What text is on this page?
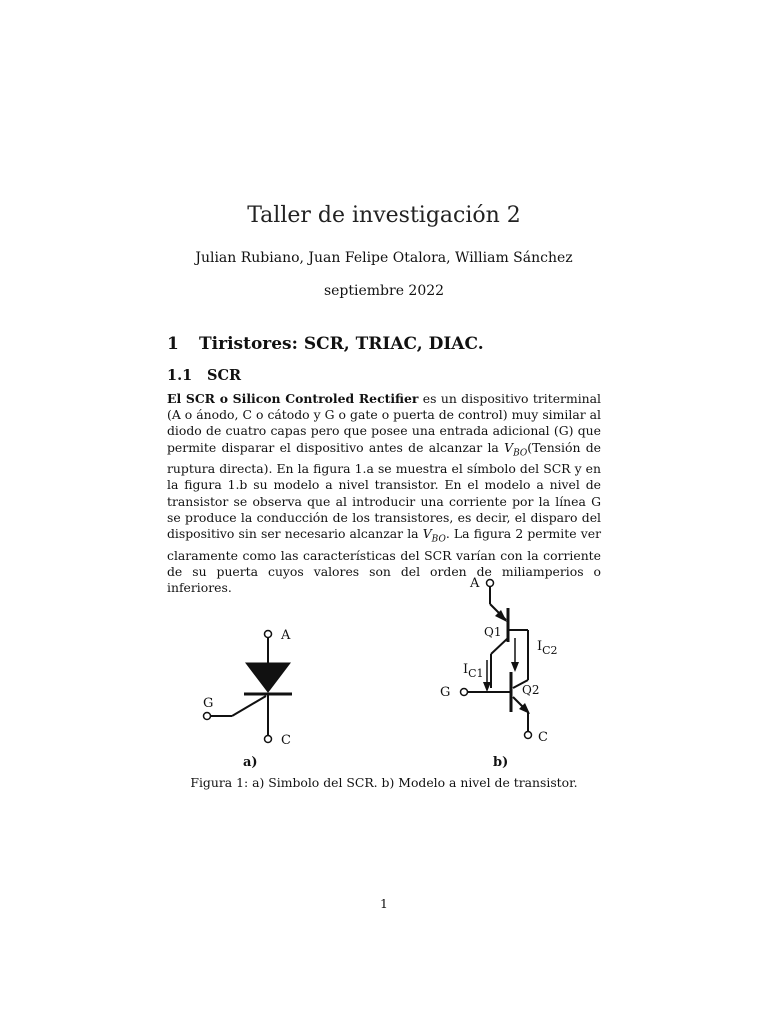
Taller de investigación 2
Julian Rubiano, Juan Felipe Otalora, William Sánchez
septiembre 2022
1 Tiristores: SCR, TRIAC, DIAC.
1.1 SCR
El SCR o Silicon Controled Rectifier es un dispositivo triterminal (A o ánodo, C o cátodo y G o gate o puerta de control) muy similar al diodo de cuatro capas pero que posee una entrada adicional (G) que permite disparar el dispositivo antes de alcanzar la $V_{BO}(Tensión$ de ruptura directa). En la figura 1.a se muestra el símbolo del SCR y en la figura 1.b su modelo a nivel transistor. En el modelo a nivel de transistor se observa que al introducir una corriente por la línea G se produce la conducción de los transistores, es decir, el disparo del dispositivo sin ser necesario alcanzar la $V_{BO}$. La figura 2 permite ver claramente como las características del SCR varían con la corriente de su puerta cuyos valores son del orden de miliamperios o inferiores.
A
G
C
a)
A
Q1
$I_{C2}$
$I_{C1}$
G	Q2
C
b)
Figura 1: a) Simbolo del SCR. b) Modelo a nivel de transistor.
1
